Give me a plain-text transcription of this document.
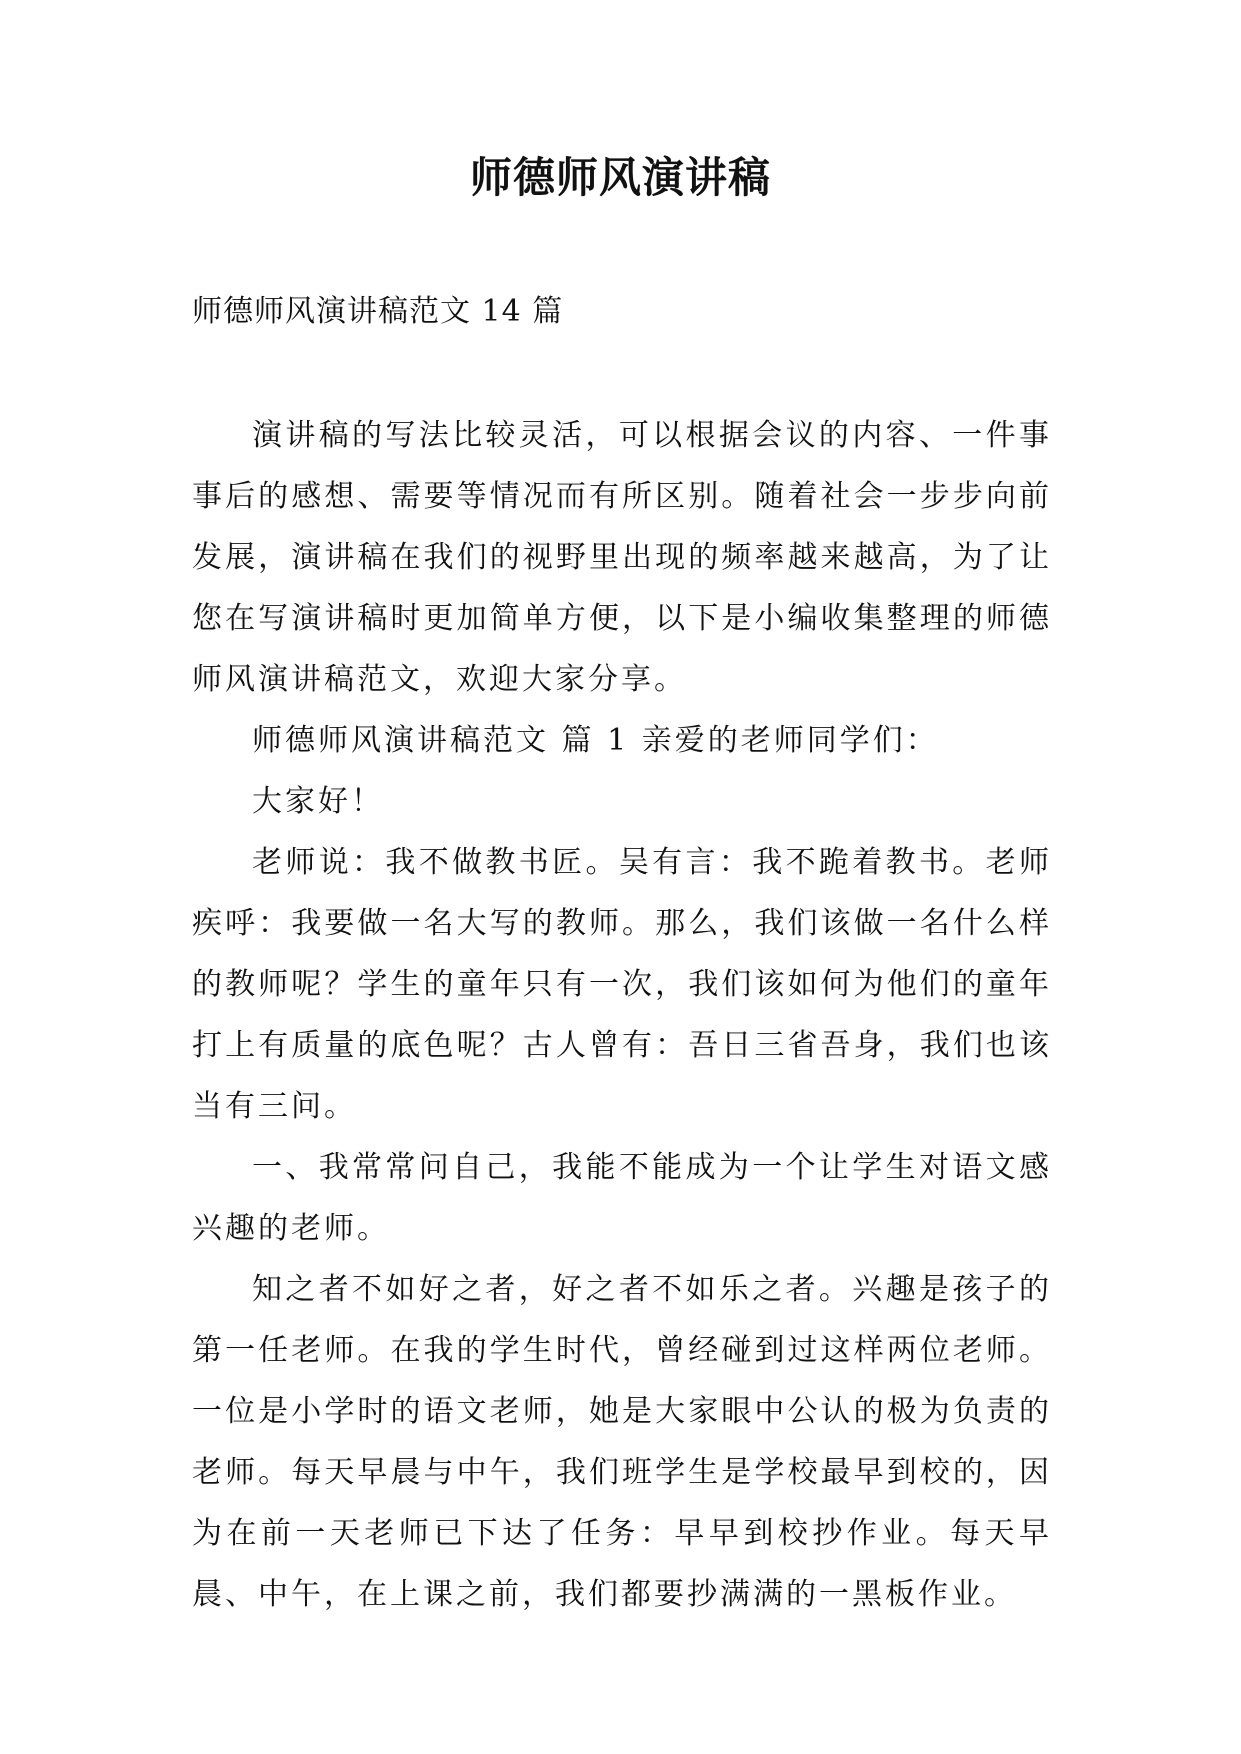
师德师风演讲稿
师德师风演讲稿范文 14 篇

演讲稿的写法比较灵活，可以根据会议的内容、一件事事后的感想、需要等情况而有所区别。随着社会一步步向前发展，演讲稿在我们的视野里出现的频率越来越高，为了让您在写演讲稿时更加简单方便，以下是小编收集整理的师德师风演讲稿范文，欢迎大家分享。

师德师风演讲稿范文 篇 1 亲爱的老师同学们：

大家好！

老师说：我不做教书匠。吴有言：我不跪着教书。老师疾呼：我要做一名大写的教师。那么，我们该做一名什么样的教师呢？学生的童年只有一次，我们该如何为他们的童年打上有质量的底色呢？古人曾有：吾日三省吾身，我们也该当有三问。

一、我常常问自己，我能不能成为一个让学生对语文感兴趣的老师。

知之者不如好之者，好之者不如乐之者。兴趣是孩子的第一任老师。在我的学生时代，曾经碰到过这样两位老师。一位是小学时的语文老师，她是大家眼中公认的极为负责的老师。每天早晨与中午，我们班学生是学校最早到校的，因为在前一天老师已下达了任务：早早到校抄作业。每天早晨、中午，在上课之前，我们都要抄满满的一黑板作业。
